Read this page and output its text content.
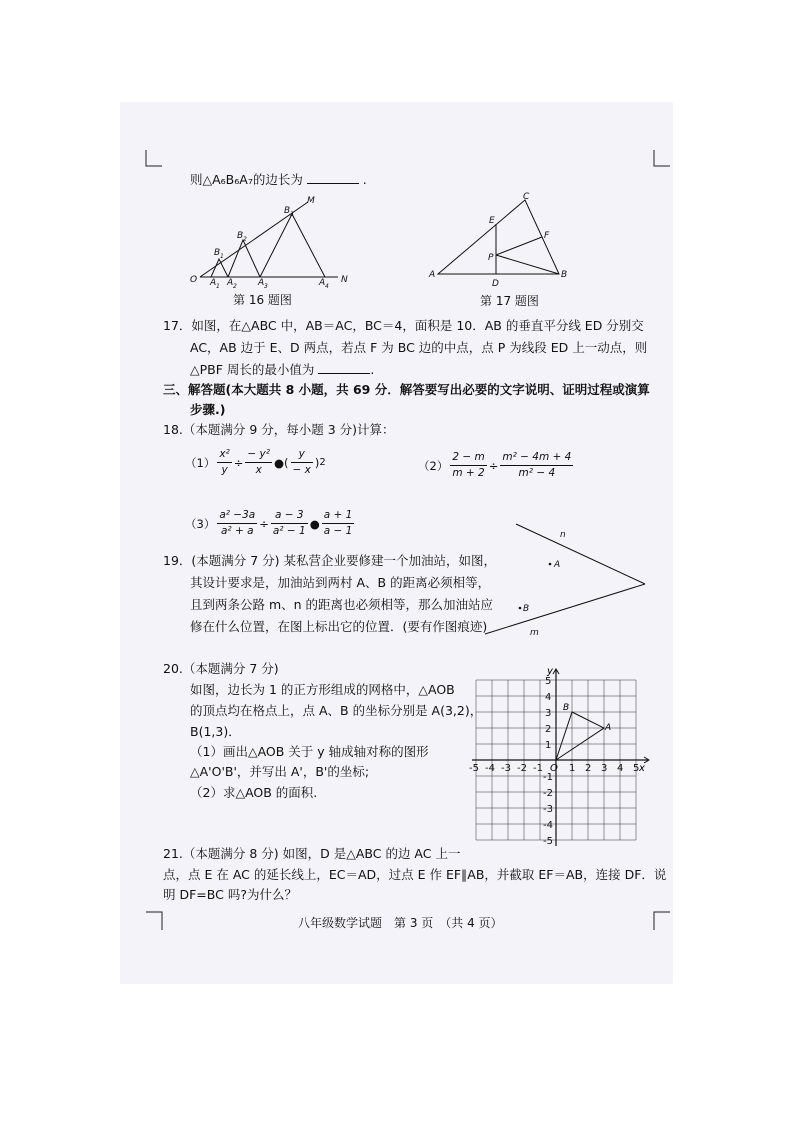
则△A₆B₆A₇的边长为	.
O A 1 A 2 A 3	A 4
N
M
B 1
B 2
B 3
第 16 题图
A	B
C
D
E
F
P
第 17 题图
17．如图，在△ABC 中，AB＝AC，BC＝4，面积是 10．AB 的垂直平分线 ED 分别交
AC，AB 边于 E、D 两点，若点 F 为 BC 边的中点，点 P 为线段 ED 上一动点，则
△PBF 周长的最小值为	.
三、解答题(本大题共 8 小题，共 69 分．解答要写出必要的文字说明、证明过程或演算
步骤.)
18.（本题满分 9 分，每小题 3 分)计算：
$(1) \frac{\text{x²}}{y} \div \frac{\text{− y²}}{x}$ ● ( $\frac{y}{- x}$ ) 2	$(2) \frac{2 - m}{m + 2} \div \frac{\text{m² − 4m + 4}}{\text{m² − 4}}$
$(3) \frac{\text{a² −3a}}{\text{a² + a}} \div \frac{a - 3}{\text{a² − 1}}$ ● $\frac{a + 1}{a - 1}$
19．(本题满分 7 分) 某私营企业要修建一个加油站，如图，
其设计要求是，加油站到两村 A、B 的距离必须相等，
且到两条公路 m、n 的距离也必须相等，那么加油站应
修在什么位置，在图上标出它的位置．(要有作图痕迹)
A
B
n
m
20.（本题满分 7 分)
如图，边长为 1 的正方形组成的网格中，△AOB
的顶点均在格点上，点 A、B 的坐标分别是 A(3,2)，
B(1,3)．
（1）画出△AOB 关于 y 轴成轴对称的图形
△A'O'B'，并写出 A'，B'的坐标;
（2）求△AOB 的面积.
-5 -4 -3 -2 -1 O 1 2 3 4 5
5
4
3
2
1
-1
-2
-3
-4
-5
x
y
A
B
21.（本题满分 8 分) 如图，D 是△ABC 的边 AC 上一
点，点 E 在 AC 的延长线上，EC＝AD，过点 E 作 EF∥AB，并截取 EF＝AB，连接 DF．说
明 DF=BC 吗?为什么？
八年级数学试题　第 3 页　（共 4 页）
